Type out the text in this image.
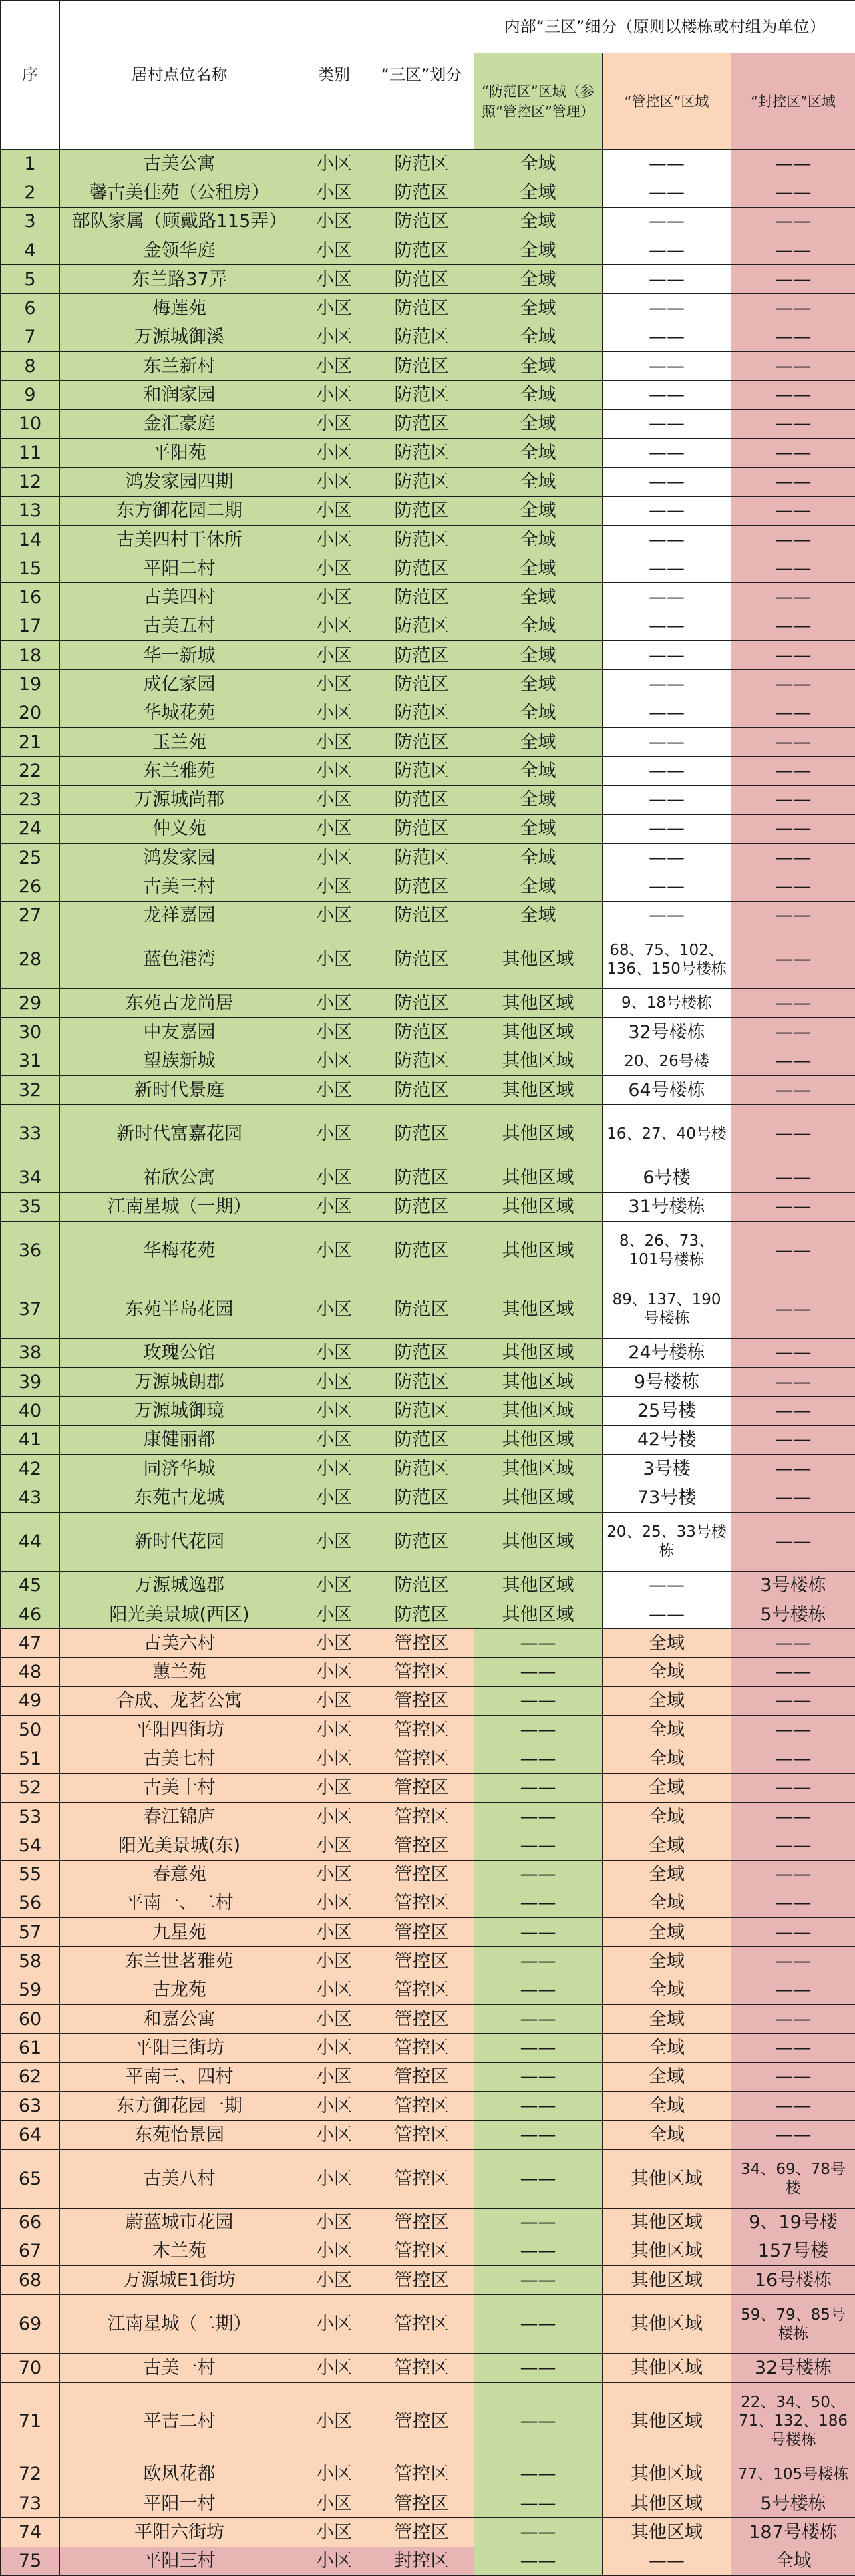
序	居村点位名称	类别	“三区”划分	内部“三区”细分（原则以楼栋或村组为单位）		
				“防范区”区域（参照“管控区”管理）	“管控区”区域	“封控区”区域
1	古美公寓	小区	防范区	全域	——	——
2	馨古美佳苑（公租房）	小区	防范区	全域	——	——
3	部队家属（顾戴路115弄）	小区	防范区	全域	——	——
4	金领华庭	小区	防范区	全域	——	——
5	东兰路37弄	小区	防范区	全域	——	——
6	梅莲苑	小区	防范区	全域	——	——
7	万源城御溪	小区	防范区	全域	——	——
8	东兰新村	小区	防范区	全域	——	——
9	和润家园	小区	防范区	全域	——	——
10	金汇豪庭	小区	防范区	全域	——	——
11	平阳苑	小区	防范区	全域	——	——
12	鸿发家园四期	小区	防范区	全域	——	——
13	东方御花园二期	小区	防范区	全域	——	——
14	古美四村干休所	小区	防范区	全域	——	——
15	平阳二村	小区	防范区	全域	——	——
16	古美四村	小区	防范区	全域	——	——
17	古美五村	小区	防范区	全域	——	——
18	华一新城	小区	防范区	全域	——	——
19	成亿家园	小区	防范区	全域	——	——
20	华城花苑	小区	防范区	全域	——	——
21	玉兰苑	小区	防范区	全域	——	——
22	东兰雅苑	小区	防范区	全域	——	——
23	万源城尚郡	小区	防范区	全域	——	——
24	仲义苑	小区	防范区	全域	——	——
25	鸿发家园	小区	防范区	全域	——	——
26	古美三村	小区	防范区	全域	——	——
27	龙祥嘉园	小区	防范区	全域	——	——
28	蓝色港湾	小区	防范区	其他区域	68、75、102、136、150号楼栋	——
29	东苑古龙尚居	小区	防范区	其他区域	9、18号楼栋	——
30	中友嘉园	小区	防范区	其他区域	32号楼栋	——
31	望族新城	小区	防范区	其他区域	20、26号楼	——
32	新时代景庭	小区	防范区	其他区域	64号楼栋	——
33	新时代富嘉花园	小区	防范区	其他区域	16、27、40号楼	——
34	祐欣公寓	小区	防范区	其他区域	6号楼	——
35	江南星城（一期）	小区	防范区	其他区域	31号楼栋	——
36	华梅花苑	小区	防范区	其他区域	8、26、73、101号楼栋	——
37	东苑半岛花园	小区	防范区	其他区域	89、137、190号楼栋	——
38	玫瑰公馆	小区	防范区	其他区域	24号楼栋	——
39	万源城朗郡	小区	防范区	其他区域	9号楼栋	——
40	万源城御璄	小区	防范区	其他区域	25号楼	——
41	康健丽都	小区	防范区	其他区域	42号楼	——
42	同济华城	小区	防范区	其他区域	3号楼	——
43	东苑古龙城	小区	防范区	其他区域	73号楼	——
44	新时代花园	小区	防范区	其他区域	20、25、33号楼栋	——
45	万源城逸郡	小区	防范区	其他区域	——	3号楼栋
46	阳光美景城(西区)	小区	防范区	其他区域	——	5号楼栋
47	古美六村	小区	管控区	——	全域	——
48	蕙兰苑	小区	管控区	——	全域	——
49	合成、龙茗公寓	小区	管控区	——	全域	——
50	平阳四街坊	小区	管控区	——	全域	——
51	古美七村	小区	管控区	——	全域	——
52	古美十村	小区	管控区	——	全域	——
53	春江锦庐	小区	管控区	——	全域	——
54	阳光美景城(东)	小区	管控区	——	全域	——
55	春意苑	小区	管控区	——	全域	——
56	平南一、二村	小区	管控区	——	全域	——
57	九星苑	小区	管控区	——	全域	——
58	东兰世茗雅苑	小区	管控区	——	全域	——
59	古龙苑	小区	管控区	——	全域	——
60	和嘉公寓	小区	管控区	——	全域	——
61	平阳三街坊	小区	管控区	——	全域	——
62	平南三、四村	小区	管控区	——	全域	——
63	东方御花园一期	小区	管控区	——	全域	——
64	东苑怡景园	小区	管控区	——	全域	——
65	古美八村	小区	管控区	——	其他区域	34、69、78号楼
66	蔚蓝城市花园	小区	管控区	——	其他区域	9、19号楼
67	木兰苑	小区	管控区	——	其他区域	157号楼
68	万源城E1街坊	小区	管控区	——	其他区域	16号楼栋
69	江南星城（二期）	小区	管控区	——	其他区域	59、79、85号楼栋
70	古美一村	小区	管控区	——	其他区域	32号楼栋
71	平吉二村	小区	管控区	——	其他区域	22、34、50、71、132、186号楼栋
72	欧风花都	小区	管控区	——	其他区域	77、105号楼栋
73	平阳一村	小区	管控区	——	其他区域	5号楼栋
74	平阳六街坊	小区	管控区	——	其他区域	187号楼栋
75	平阳三村	小区	封控区	——	——	全域
